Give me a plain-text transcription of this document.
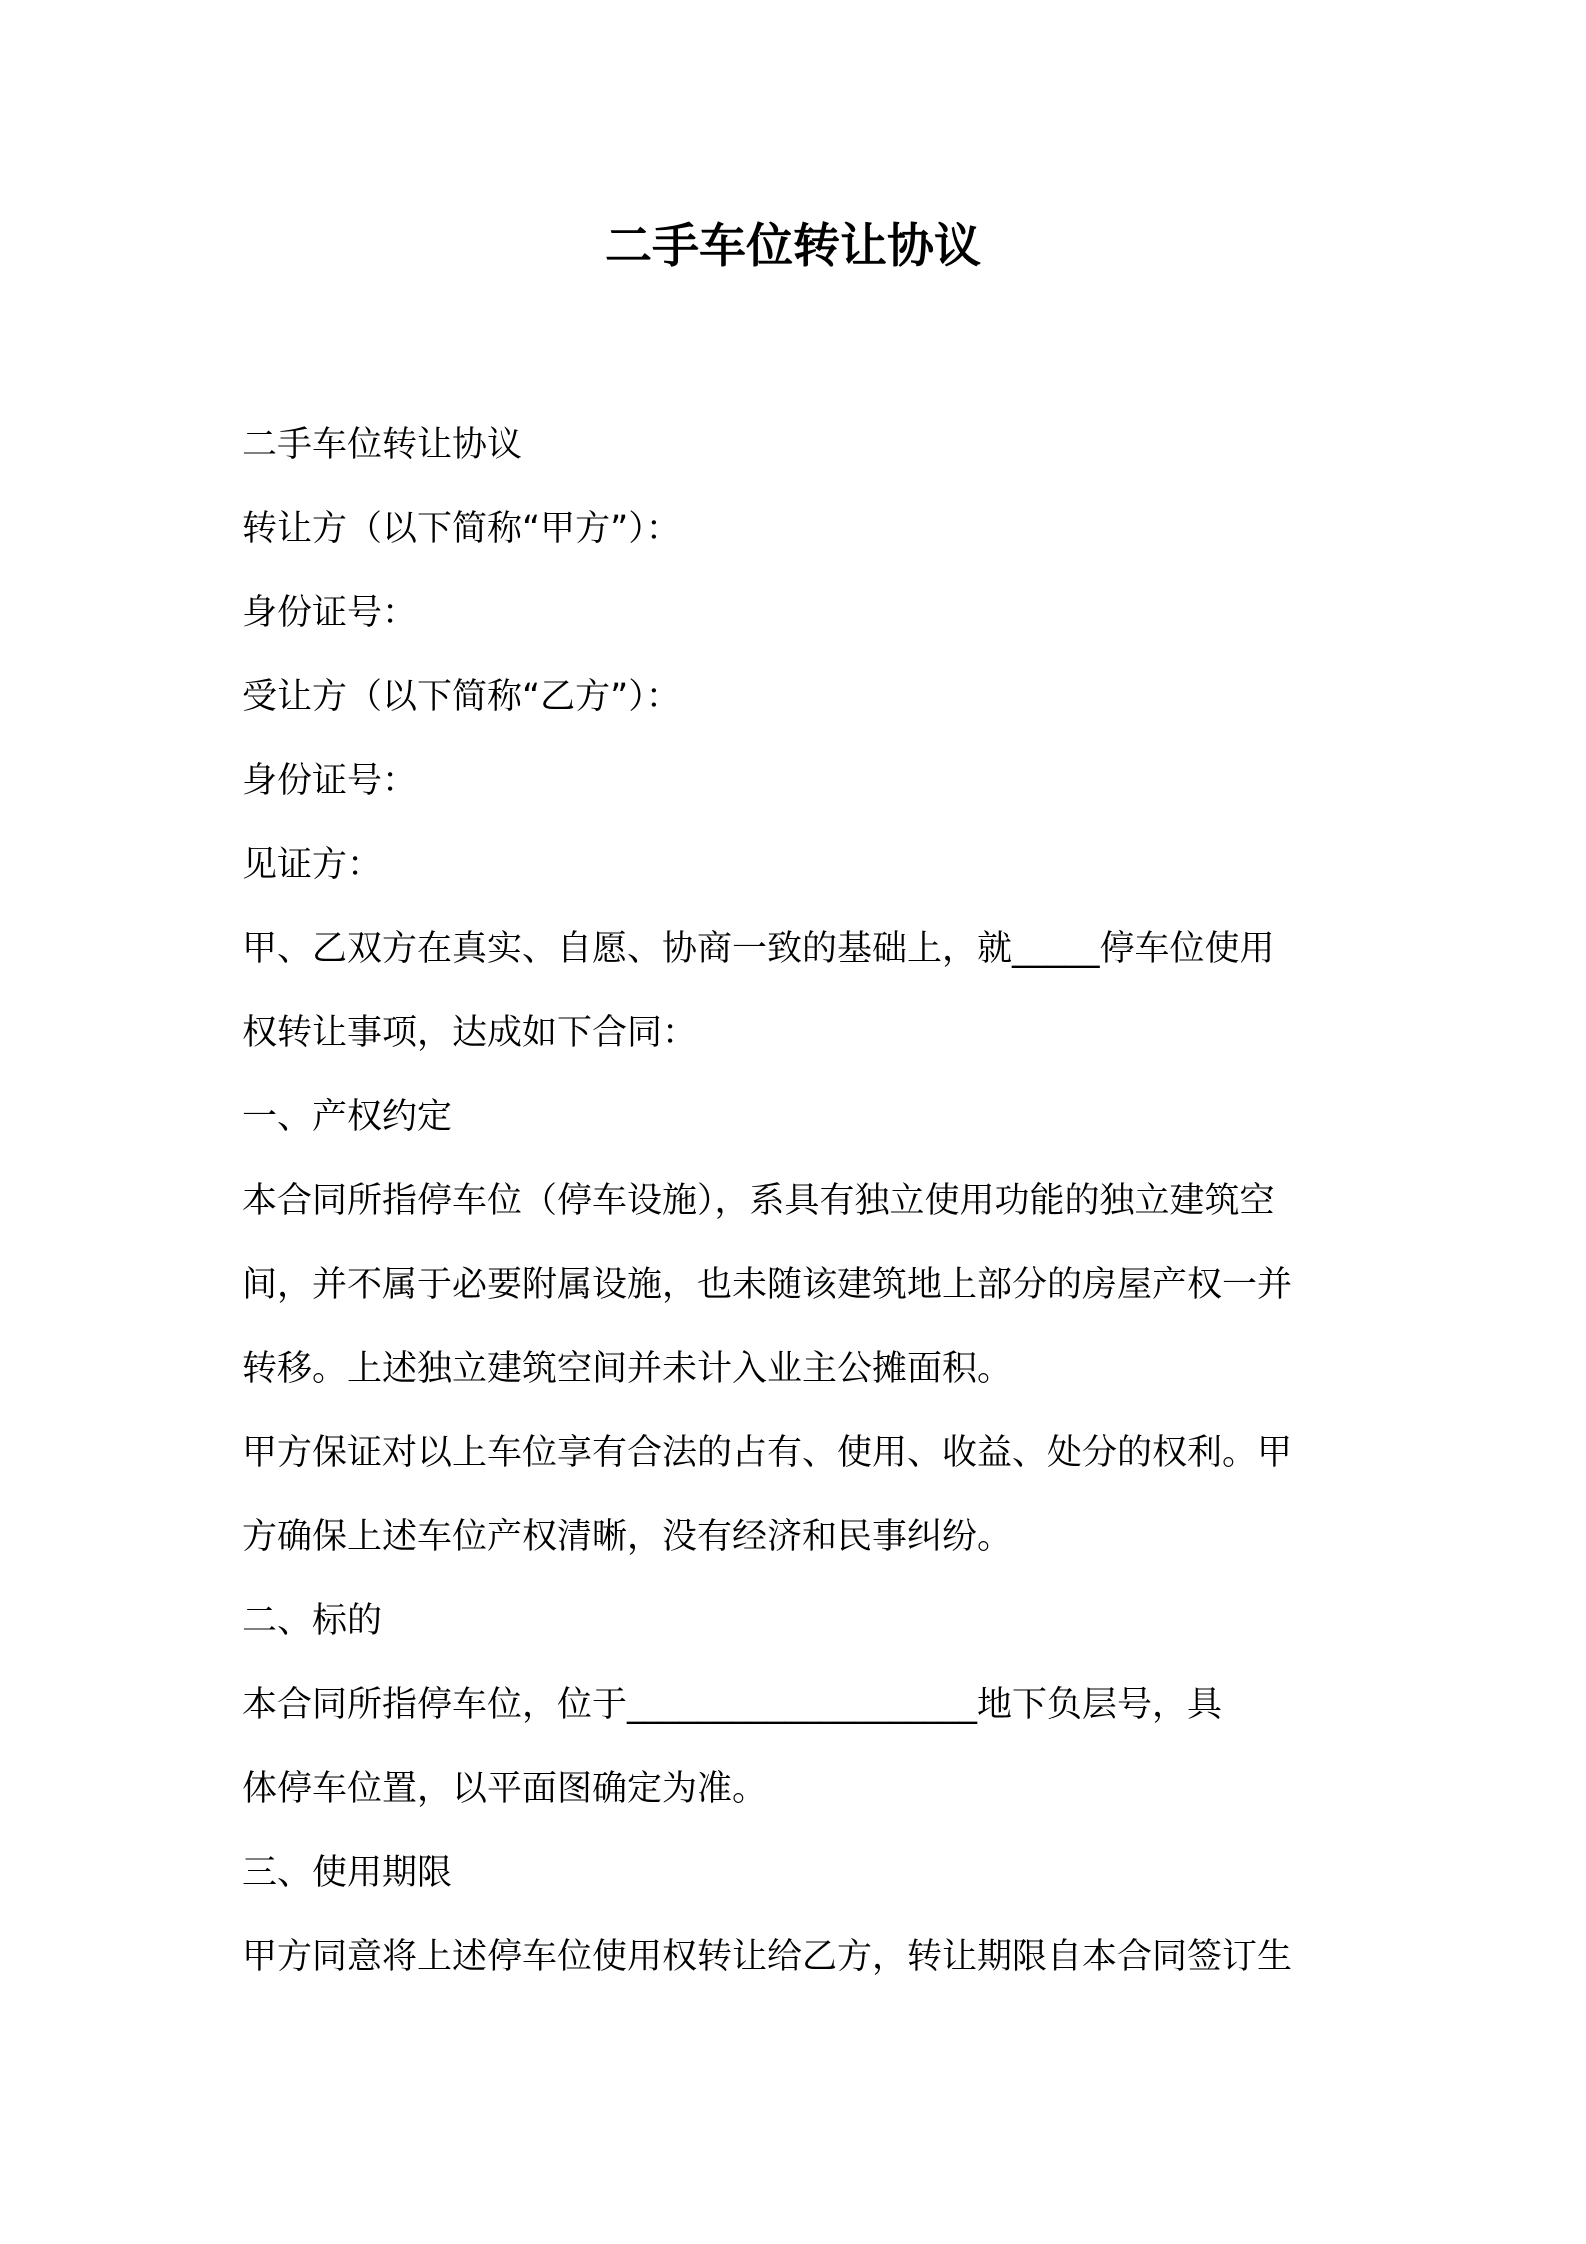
二手车位转让协议

二手车位转让协议

转让方（以下简称“甲方”）：

身份证号：

受让方（以下简称“乙方”）：

身份证号：

见证方：

甲、乙双方在真实、自愿、协商一致的基础上，就_____停车位使用

权转让事项，达成如下合同：

一、产权约定

本合同所指停车位（停车设施），系具有独立使用功能的独立建筑空

间，并不属于必要附属设施，也未随该建筑地上部分的房屋产权一并

转移。上述独立建筑空间并未计入业主公摊面积。

甲方保证对以上车位享有合法的占有、使用、收益、处分的权利。甲

方确保上述车位产权清晰，没有经济和民事纠纷。

二、标的

本合同所指停车位，位于____________________地下负层号，具

体停车位置，以平面图确定为准。

三、使用期限

甲方同意将上述停车位使用权转让给乙方，转让期限自本合同签订生
